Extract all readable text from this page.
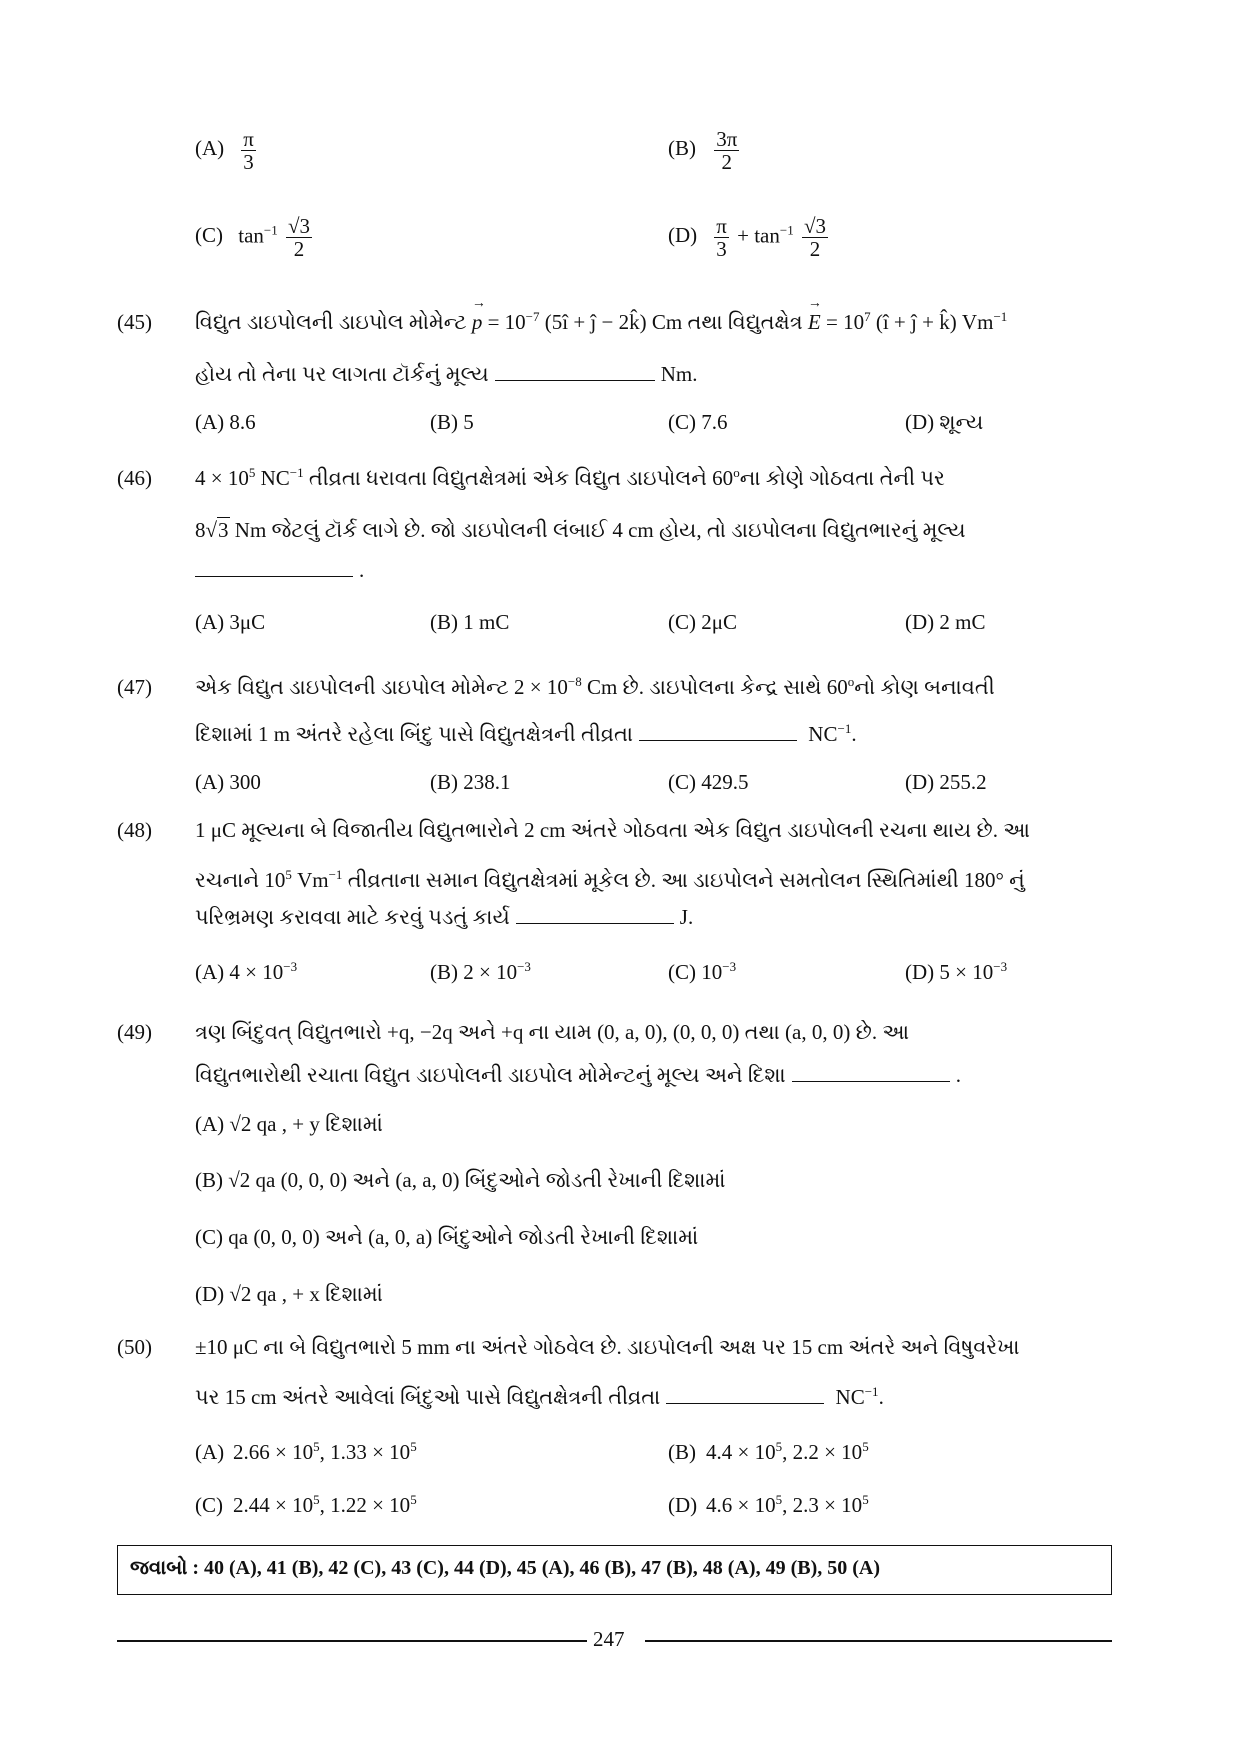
$(A) \frac{\pi}{3}$	$(B) \frac{3\pi}{2}$
(C) $\tan^{-1} \frac{√3}{2}$	$(D) \frac{\pi}{3} + \tan^{-1} \frac{√3}{2}$
(45) વિદ્યુત ડાઇપોલની ડાઇપોલ મોમેન્ટ → $p = 10^{-7}$ (5î + ĵ − 2k̂) Cm તથા વિદ્યુતક્ષેત્ર → $E = 10^7$ (î + ĵ + k̂) $Vm^{-1}$
હોય તો તેના પર લાગતા ટૉર્કનું મૂલ્ય	Nm.
(A) 8.6	(B) 5	(C) 7.6	(D) શૂન્ય
(46) $4 \times 10^5$ $NC^{-1}$ તીવ્રતા ધરાવતા વિદ્યુતક્ષેત્રમાં એક વિદ્યુત ડાઇપોલને 60$^o$ના કોણે ગોઠવતા તેની પર
8√3 Nm જેટલું ટૉર્ક લાગે છે. જો ડાઇપોલની લંબાઈ 4 cm હોય, તો ડાઇપોલના વિદ્યુતભારનું મૂલ્ય
.
(A) 3μC	(B) 1 mC	(C) 2μC	(D) 2 mC
(47) એક વિદ્યુત ડાઇપોલની ડાઇપોલ મોમેન્ટ $2 \times 10^{-8}$ Cm છે. ડાઇપોલના કેન્દ્ર સાથે 60$^o$નો કોણ બનાવતી
દિશામાં 1 m અંતરે રહેલા બિંદુ પાસે વિદ્યુતક્ષેત્રની તીવ્રતા	$NC^{-1}$.
(A) 300	(B) 238.1	(C) 429.5	(D) 255.2
(48) 1 μC મૂલ્યના બે વિજાતીય વિદ્યુતભારોને 2 cm અંતરે ગોઠવતા એક વિદ્યુત ડાઇપોલની રચના થાય છે. આ
રચનાને $10^5$ $Vm^{-1}$ તીવ્રતાના સમાન વિદ્યુતક્ષેત્રમાં મૂકેલ છે. આ ડાઇપોલને સમતોલન સ્થિતિમાંથી 180° નું
પરિભ્રમણ કરાવવા માટે કરવું પડતું કાર્ય	J.
(A) $4 \times 10^{-3}$	(B) $2 \times 10^{-3}$	(C) $10^{-3}$	(D) $5 \times 10^{-3}$
(49) ત્રણ બિંદુવત્ વિદ્યુતભારો +q, −2q અને +q ના યામ (0, a, 0), (0, 0, 0) તથા (a, 0, 0) છે. આ
વિદ્યુતભારોથી રચાતા વિદ્યુત ડાઇપોલની ડાઇપોલ મોમેન્ટનું મૂલ્ય અને દિશા	.
(A) √2 qa , + y દિશામાં
(B) √2 qa (0, 0, 0) અને (a, a, 0) બિંદુઓને જોડતી રેખાની દિશામાં
(C) qa (0, 0, 0) અને (a, 0, a) બિંદુઓને જોડતી રેખાની દિશામાં
(D) √2 qa , + x દિશામાં
(50) ±10 μC ના બે વિદ્યુતભારો 5 mm ના અંતરે ગોઠવેલ છે. ડાઇપોલની અક્ષ પર 15 cm અંતરે અને વિષુવરેખા
પર 15 cm અંતરે આવેલાં બિંદુઓ પાસે વિદ્યુતક્ષેત્રની તીવ્રતા	$NC^{-1}$.
(A) $2.66 \times 10^5$, $1.33 \times 10^5$	(B) $4.4 \times 10^5$, $2.2 \times 10^5$
(C) $2.44 \times 10^5$, $1.22 \times 10^5$	(D) $4.6 \times 10^5$, $2.3 \times 10^5$
જવાબો : 40 (A), 41 (B), 42 (C), 43 (C), 44 (D), 45 (A), 46 (B), 47 (B), 48 (A), 49 (B), 50 (A)
247
